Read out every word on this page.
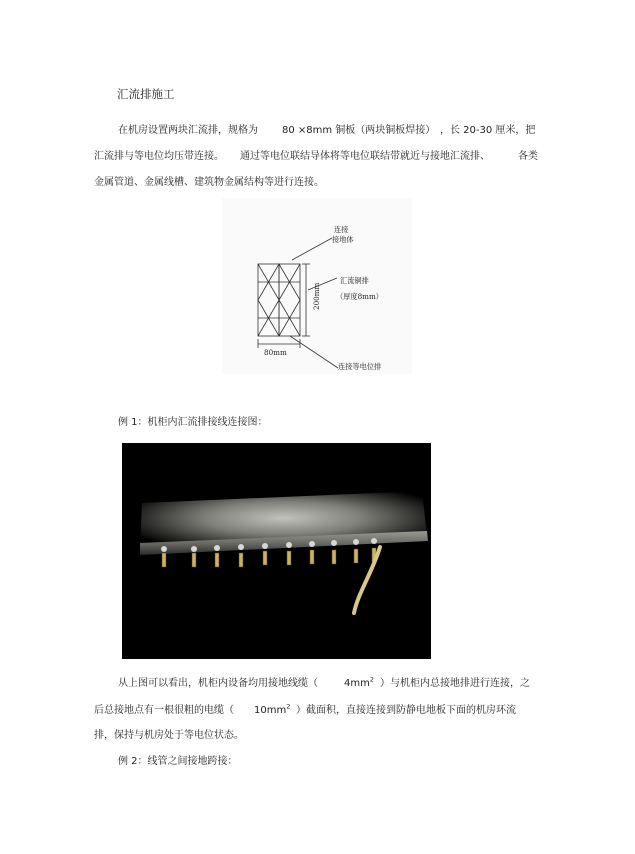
汇流排施工
在机房设置两块汇流排，规格为 80 ×8mm 铜板（两块铜板焊接） ，长 20-30 厘米，把
汇流排与等电位均压带连接。 通过等电位联结导体将等电位联结带就近与接地汇流排、	各类
金属管道、金属线槽、建筑物金属结构等进行连接。
连接
接地体
汇流铜排
（厚度8mm）
200mm
80mm
连接等电位排
例 1：机柜内汇流排接线连接图：
从上图可以看出，机柜内设备均用接地线缆（	$4mm^2$ ）与机柜内总接地排进行连接，之
后总接地点有一根很粗的电缆（ $10mm^2$ ）截面积，直接连接到防静电地板下面的机房环流
排，保持与机房处于等电位状态。
例 2：线管之间接地跨接：
